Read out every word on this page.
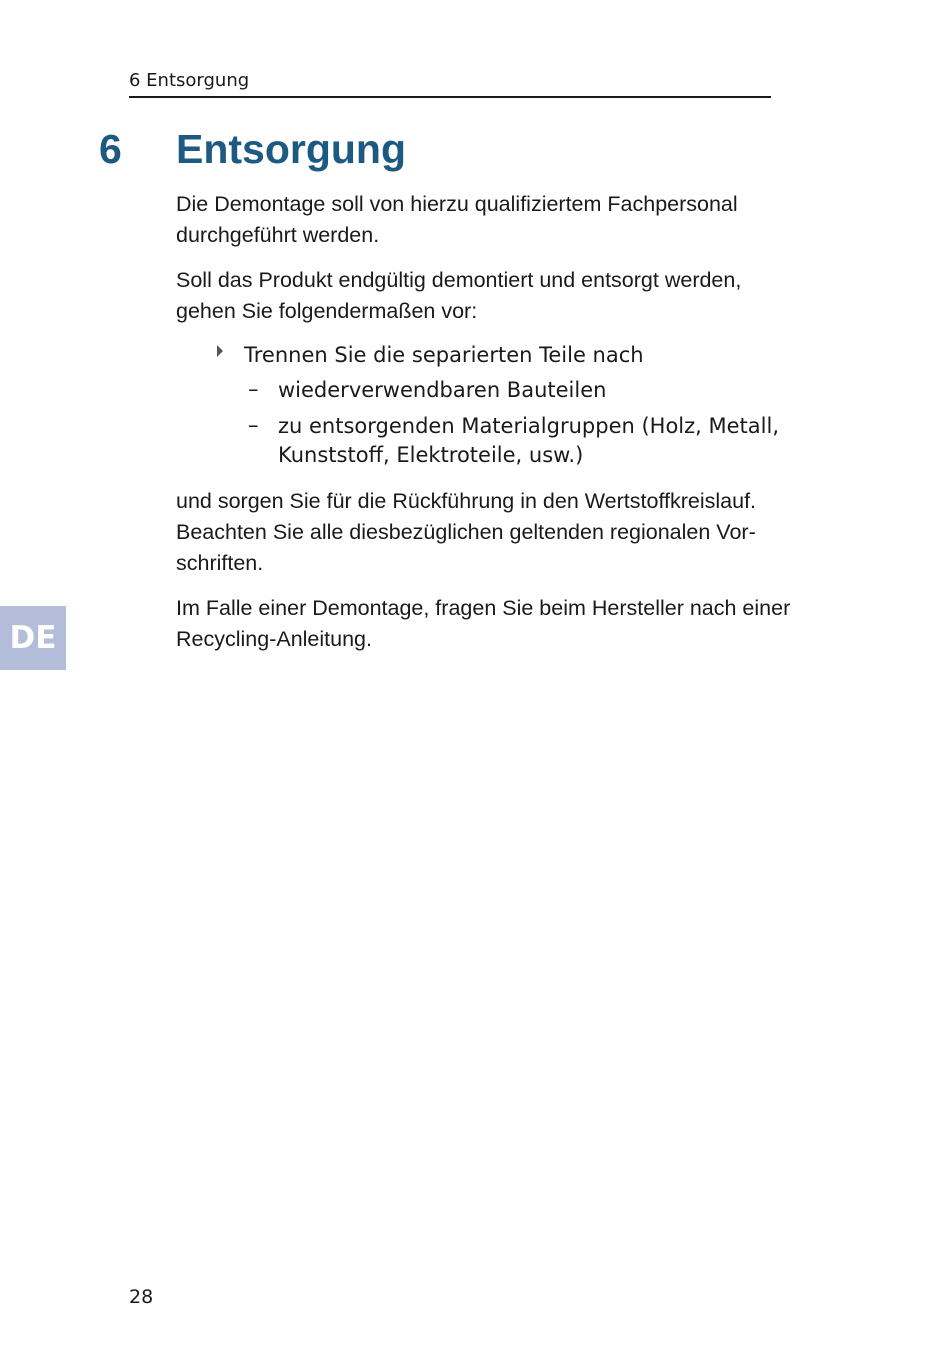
6 Entsorgung
6 Entsorgung

Die Demontage soll von hierzu qualifiziertem Fachpersonal durchgeführt werden.

Soll das Produkt endgültig demontiert und entsorgt werden, gehen Sie folgendermaßen vor:

Trennen Sie die separierten Teile nach
– wiederverwendbaren Bauteilen

– zu entsorgenden Materialgruppen (Holz, Metall, Kunststoff, Elektroteile, usw.)

und sorgen Sie für die Rückführung in den Wertstoffkreislauf. Beachten Sie alle diesbezüglichen geltenden regionalen Vor-schriften.

Im Falle einer Demontage, fragen Sie beim Hersteller nach einer Recycling-Anleitung.

DE
28
